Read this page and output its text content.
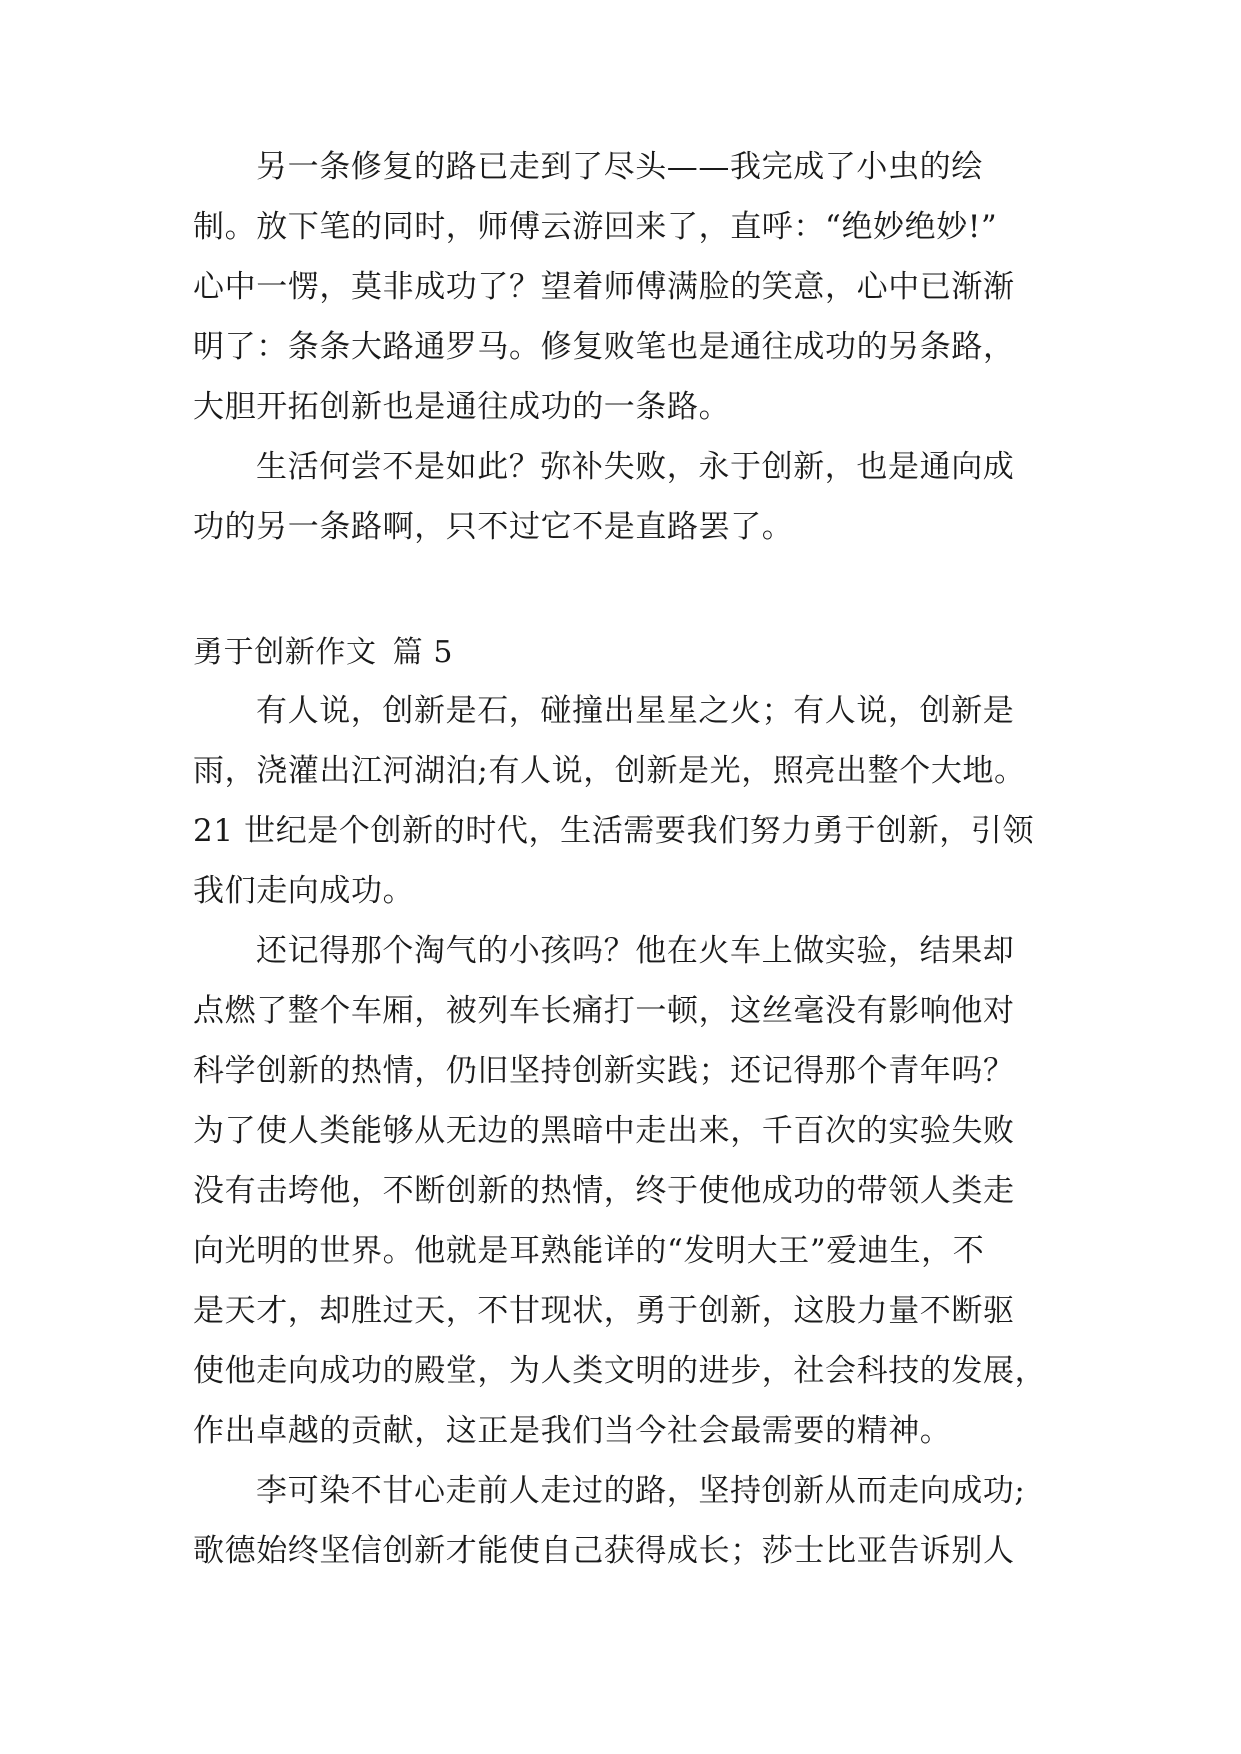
另一条修复的路已走到了尽头——我完成了小虫的绘
制。放下笔的同时，师傅云游回来了，直呼：“绝妙绝妙!”
心中一愣，莫非成功了？望着师傅满脸的笑意，心中已渐渐
明了：条条大路通罗马。修复败笔也是通往成功的另条路，
大胆开拓创新也是通往成功的一条路。
生活何尝不是如此？弥补失败，永于创新，也是通向成
功的另一条路啊，只不过它不是直路罢了。
勇于创新作文 篇 5
有人说，创新是石，碰撞出星星之火；有人说，创新是
雨，浇灌出江河湖泊;有人说，创新是光，照亮出整个大地。
21 世纪是个创新的时代，生活需要我们努力勇于创新，引领
我们走向成功。
还记得那个淘气的小孩吗？他在火车上做实验，结果却
点燃了整个车厢，被列车长痛打一顿，这丝毫没有影响他对
科学创新的热情，仍旧坚持创新实践；还记得那个青年吗？
为了使人类能够从无边的黑暗中走出来，千百次的实验失败
没有击垮他，不断创新的热情，终于使他成功的带领人类走
向光明的世界。他就是耳熟能详的“发明大王”爱迪生，不
是天才，却胜过天，不甘现状，勇于创新，这股力量不断驱
使他走向成功的殿堂，为人类文明的进步，社会科技的发展，
作出卓越的贡献，这正是我们当今社会最需要的精神。
李可染不甘心走前人走过的路，坚持创新从而走向成功;
歌德始终坚信创新才能使自己获得成长；莎士比亚告诉别人
